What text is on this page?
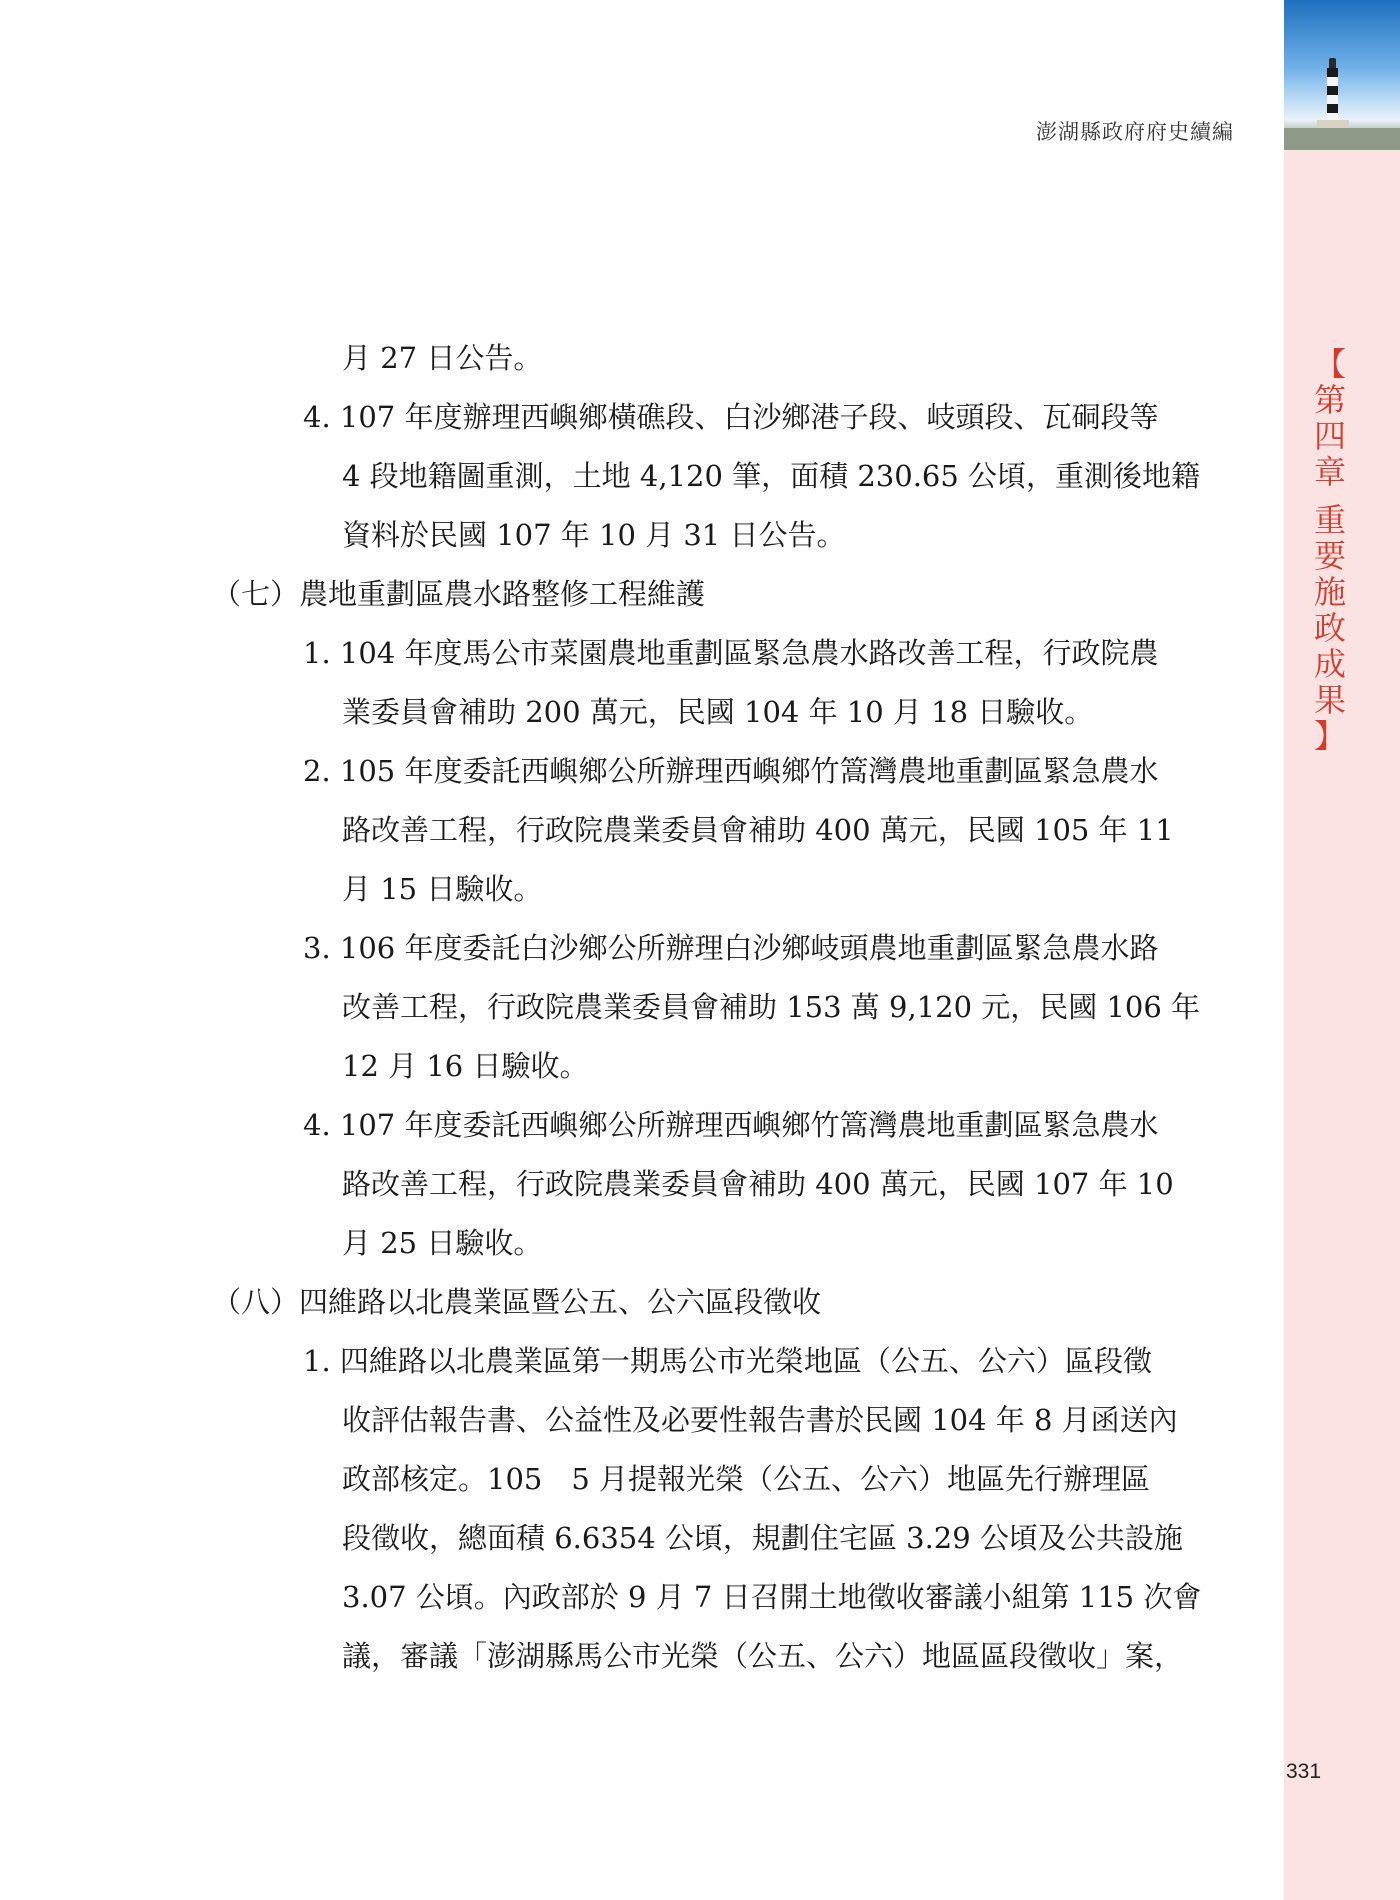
【
第
四
章
重
要
施
政
成
果
】
澎湖縣政府府史續編
月 27 日公告。
4. 107 年度辦理西嶼鄉橫礁段、白沙鄉港子段、岐頭段、瓦硐段等
4 段地籍圖重測，土地 4,120 筆，面積 230.65 公頃，重測後地籍
資料於民國 107 年 10 月 31 日公告。
（七）農地重劃區農水路整修工程維護
1. 104 年度馬公市菜園農地重劃區緊急農水路改善工程，行政院農
業委員會補助 200 萬元，民國 104 年 10 月 18 日驗收。
2. 105 年度委託西嶼鄉公所辦理西嶼鄉竹篙灣農地重劃區緊急農水
路改善工程，行政院農業委員會補助 400 萬元，民國 105 年 11
月 15 日驗收。
3. 106 年度委託白沙鄉公所辦理白沙鄉岐頭農地重劃區緊急農水路
改善工程，行政院農業委員會補助 153 萬 9,120 元，民國 106 年
12 月 16 日驗收。
4. 107 年度委託西嶼鄉公所辦理西嶼鄉竹篙灣農地重劃區緊急農水
路改善工程，行政院農業委員會補助 400 萬元，民國 107 年 10
月 25 日驗收。
（八）四維路以北農業區暨公五、公六區段徵收
1. 四維路以北農業區第一期馬公市光榮地區（公五、公六）區段徵
收評估報告書、公益性及必要性報告書於民國 104 年 8 月函送內
政部核定。105　5 月提報光榮（公五、公六）地區先行辦理區
段徵收，總面積 6.6354 公頃，規劃住宅區 3.29 公頃及公共設施
3.07 公頃。內政部於 9 月 7 日召開土地徵收審議小組第 115 次會
議，審議「澎湖縣馬公市光榮（公五、公六）地區區段徵收」案，
331
